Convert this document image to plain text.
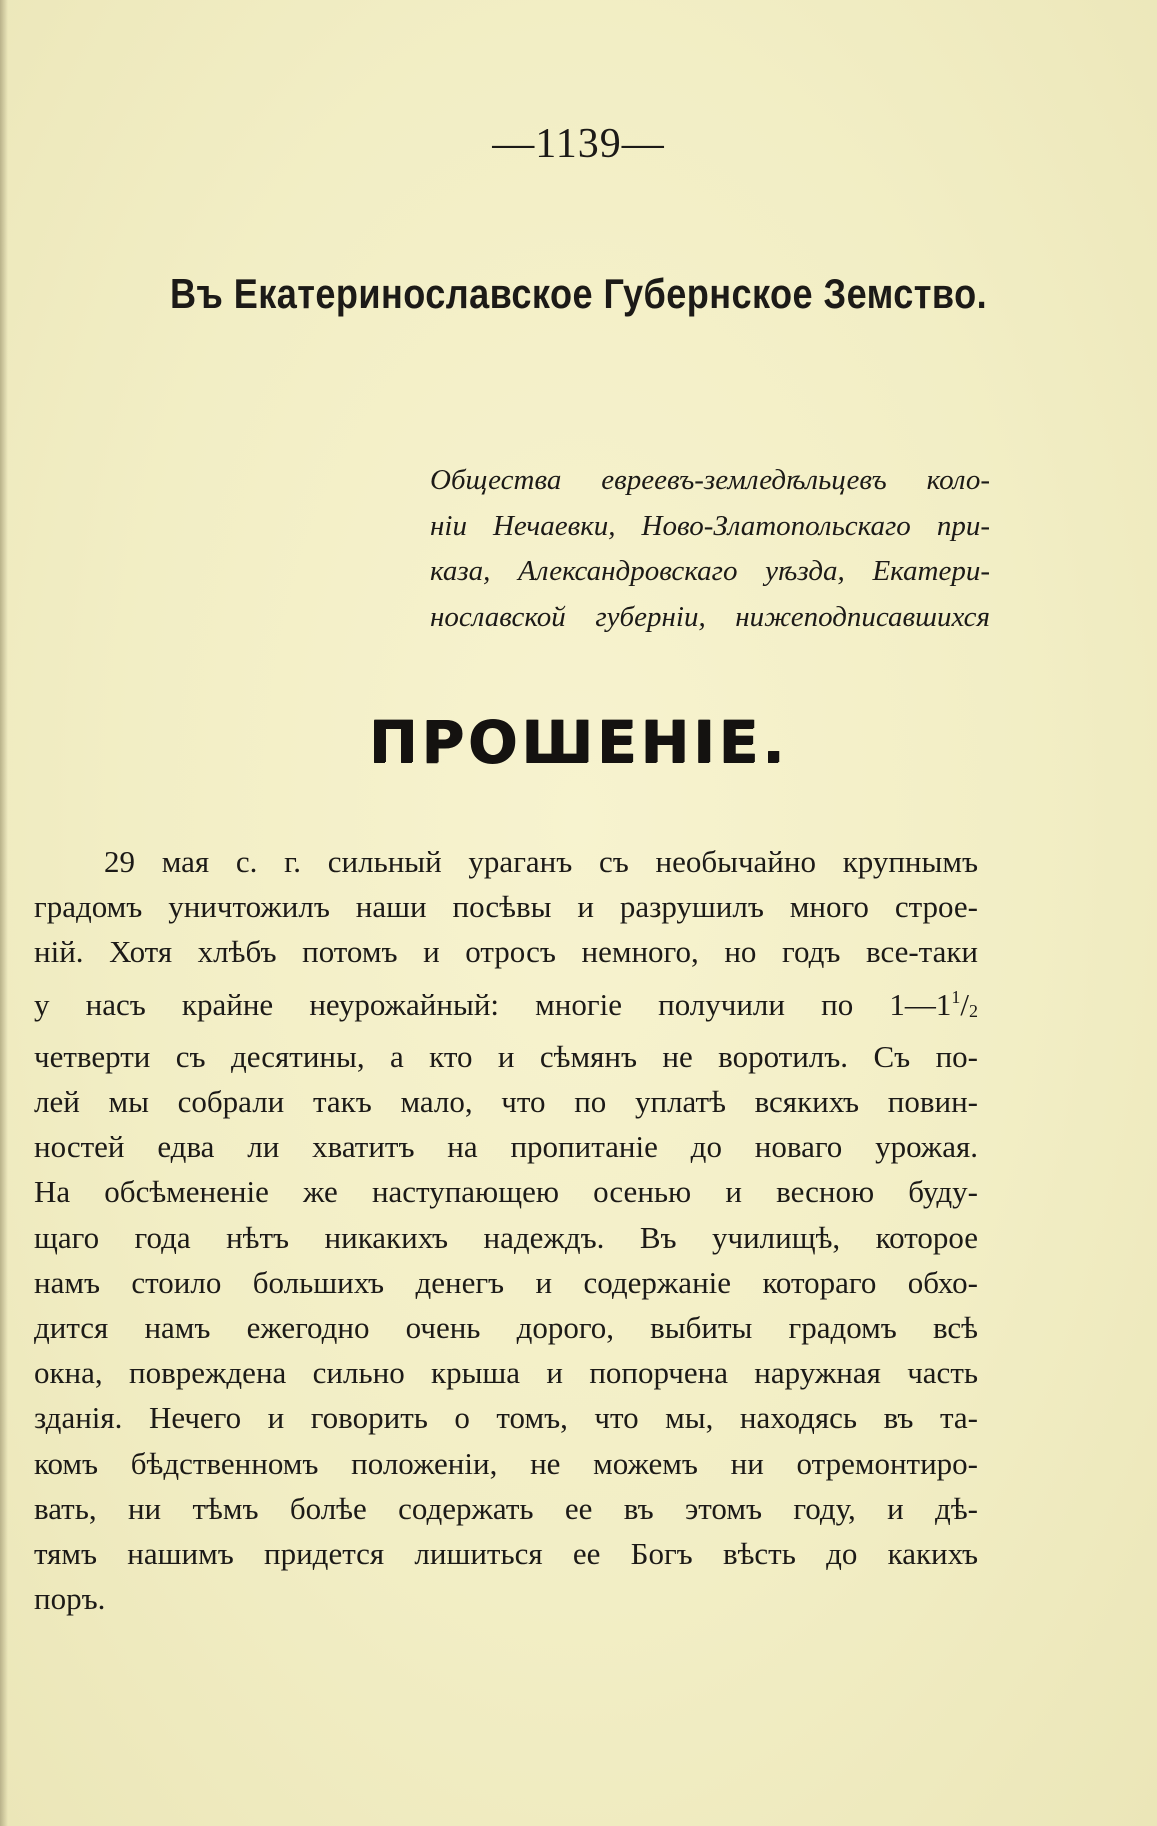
—1139—
Въ Екатеринославское Губернское Земство.
Общества евреевъ-земледѣльцевъ коло-
ніи Нечаевки, Ново-Златопольскаго при-
каза, Александровскаго уѣзда, Екатери-
нославской губерніи, нижеподписавшихся
ПРОШЕНІЕ.
29 мая с. г. сильный ураганъ съ необычайно крупнымъ
градомъ уничтожилъ наши посѣвы и разрушилъ много строе-
ній. Хотя хлѣбъ потомъ и отросъ немного, но годъ все-таки
у насъ крайне неурожайный: многіе получили по $1—1^1/_2$
четверти съ десятины, а кто и сѣмянъ не воротилъ. Съ по-
лей мы собрали такъ мало, что по уплатѣ всякихъ повин-
ностей едва ли хватитъ на пропитаніе до новаго урожая.
На обсѣмененіе же наступающею осенью и весною буду-
щаго года нѣтъ никакихъ надеждъ. Въ училищѣ, которое
намъ стоило большихъ денегъ и содержаніе котораго обхо-
дится намъ ежегодно очень дорого, выбиты градомъ всѣ
окна, повреждена сильно крыша и попорчена наружная часть
зданія. Нечего и говорить о томъ, что мы, находясь въ та-
комъ бѣдственномъ положеніи, не можемъ ни отремонтиро-
вать, ни тѣмъ болѣе содержать ее въ этомъ году, и дѣ-
тямъ нашимъ придется лишиться ее Богъ вѣсть до какихъ
поръ.
